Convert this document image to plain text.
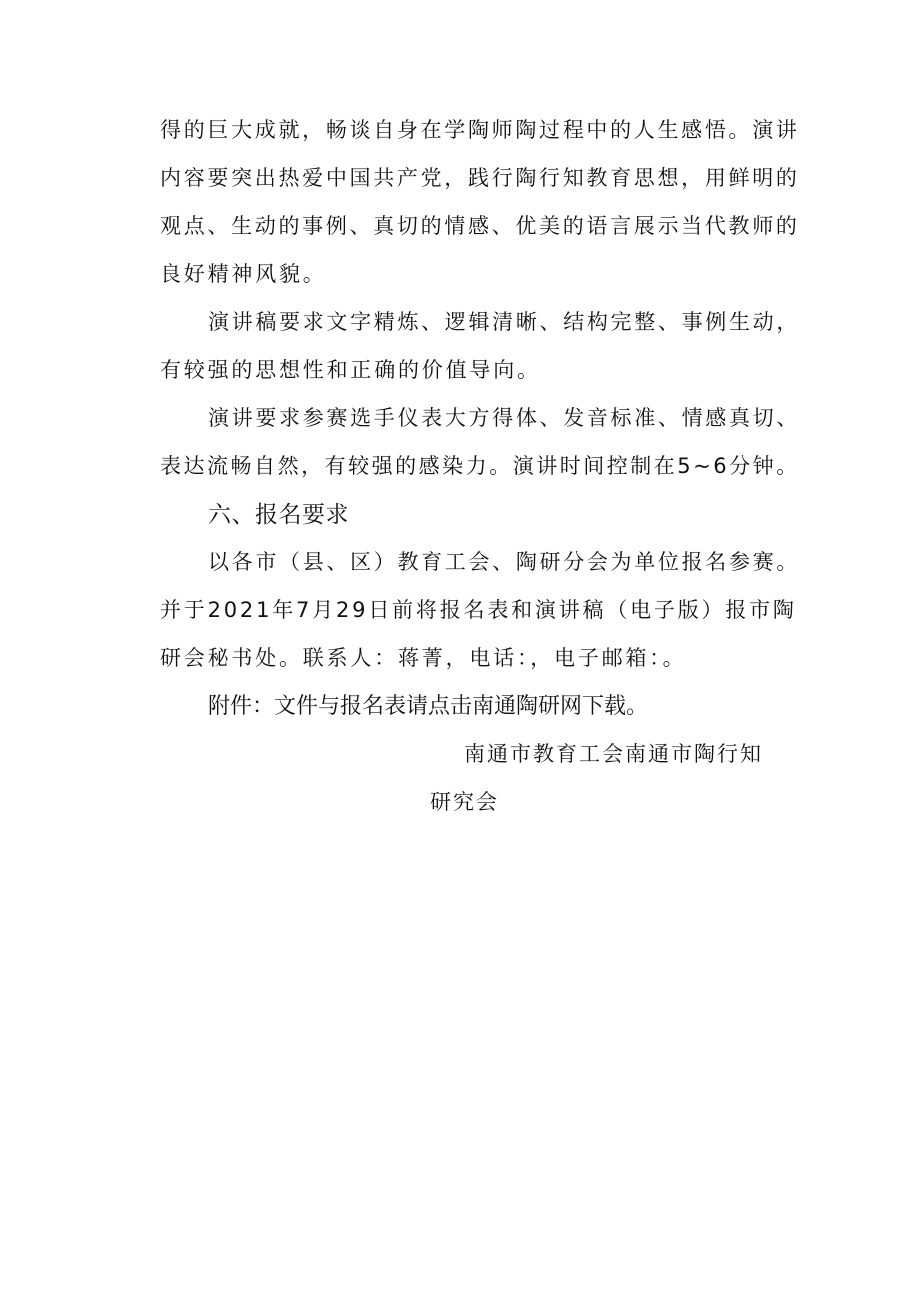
得的巨大成就，畅谈自身在学陶师陶过程中的人生感悟。演讲
内容要突出热爱中国共产党，践行陶行知教育思想，用鲜明的
观点、生动的事例、真切的情感、优美的语言展示当代教师的
良好精神风貌。
演讲稿要求文字精炼、逻辑清晰、结构完整、事例生动，
有较强的思想性和正确的价值导向。
演讲要求参赛选手仪表大方得体、发音标准、情感真切、
表达流畅自然，有较强的感染力。演讲时间控制在5~6分钟。
六、报名要求
以各市（县、区）教育工会、陶研分会为单位报名参赛。
并于2021年7月29日前将报名表和演讲稿（电子版）报市陶
研会秘书处。联系人：蒋菁，电话：，电子邮箱：。
附件：文件与报名表请点击南通陶研网下载。
南通市教育工会南通市陶行知
研究会
